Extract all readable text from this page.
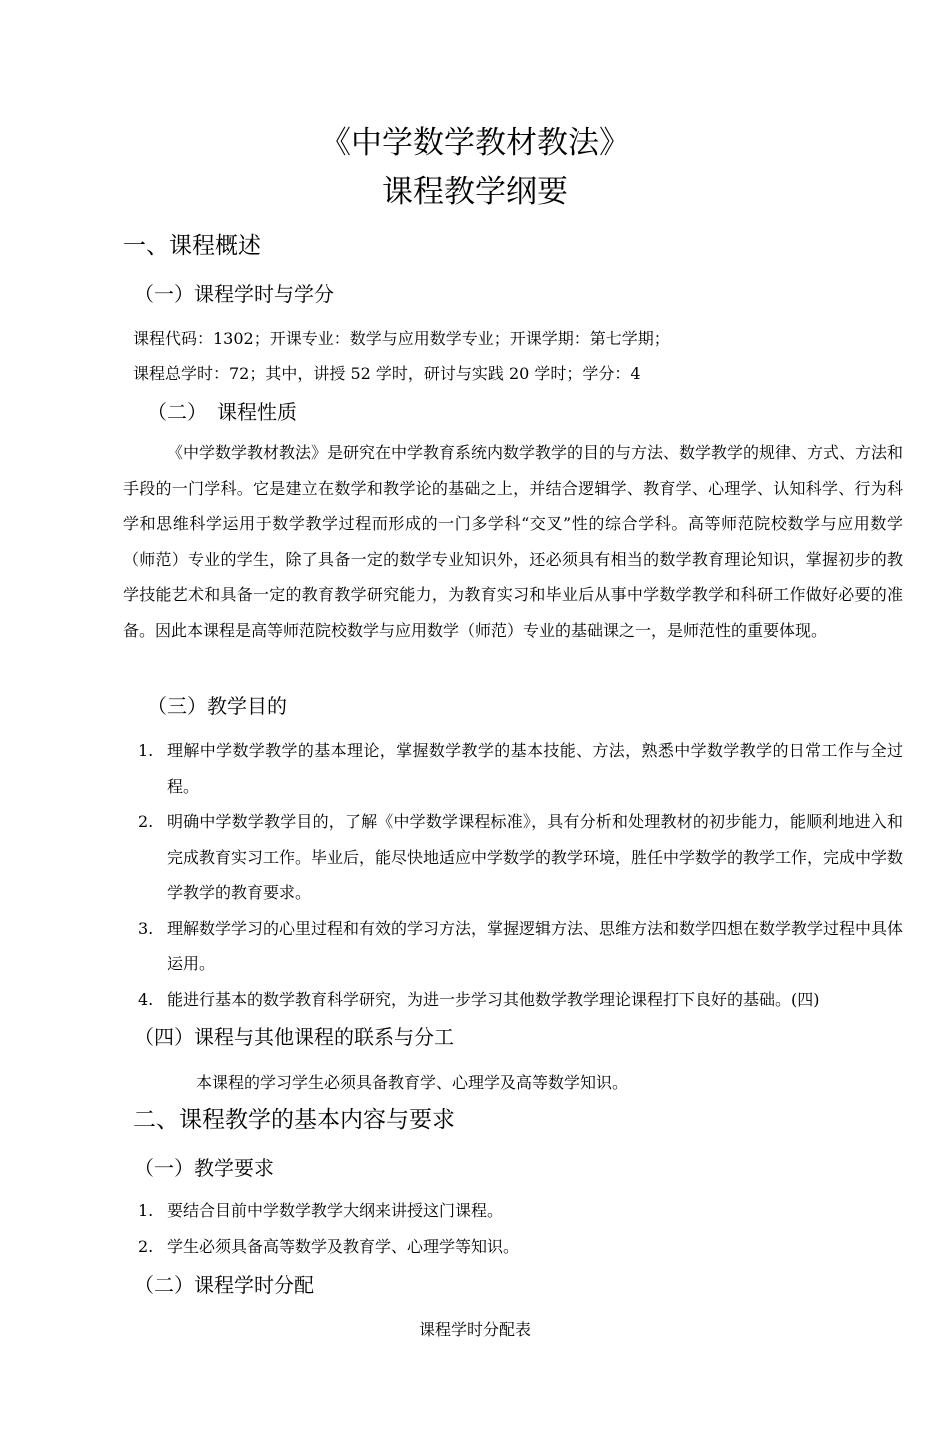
《中学数学教材教法》
课程教学纲要
一、课程概述
（一）课程学时与学分
课程代码：1302；开课专业：数学与应用数学专业；开课学期：第七学期；
课程总学时：72；其中，讲授 52 学时，研讨与实践 20 学时；学分：4
（二）　课程性质
《中学数学教材教法》是研究在中学教育系统内数学教学的目的与方法、数学教学的规律、方式、方法和手段的一门学科。它是建立在数学和教学论的基础之上，并结合逻辑学、教育学、心理学、认知科学、行为科学和思维科学运用于数学教学过程而形成的一门多学科“交叉”性的综合学科。高等师范院校数学与应用数学（师范）专业的学生，除了具备一定的数学专业知识外，还必须具有相当的数学教育理论知识，掌握初步的教学技能艺术和具备一定的教育教学研究能力，为教育实习和毕业后从事中学数学教学和科研工作做好必要的准备。因此本课程是高等师范院校数学与应用数学（师范）专业的基础课之一，是师范性的重要体现。
（三）教学目的
1. 理解中学数学教学的基本理论，掌握数学教学的基本技能、方法，熟悉中学数学教学的日常工作与全过程。
2. 明确中学数学教学目的，了解《中学数学课程标准》，具有分析和处理教材的初步能力，能顺利地进入和完成教育实习工作。毕业后，能尽快地适应中学数学的教学环境，胜任中学数学的教学工作，完成中学数学教学的教育要求。
3. 理解数学学习的心里过程和有效的学习方法，掌握逻辑方法、思维方法和数学四想在数学教学过程中具体运用。
4. 能进行基本的数学教育科学研究，为进一步学习其他数学教学理论课程打下良好的基础。(四)
（四）课程与其他课程的联系与分工
本课程的学习学生必须具备教育学、心理学及高等数学知识。
二、课程教学的基本内容与要求
（一）教学要求
1. 要结合目前中学数学教学大纲来讲授这门课程。
2. 学生必须具备高等数学及教育学、心理学等知识。
（二）课程学时分配
课程学时分配表
